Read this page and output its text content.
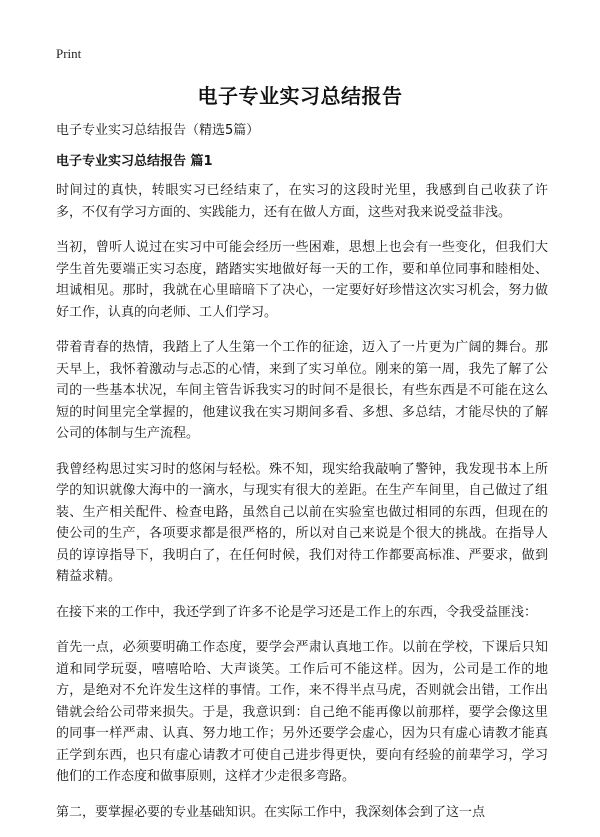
Print
电子专业实习总结报告

电子专业实习总结报告（精选5篇）

电子专业实习总结报告 篇1

时间过的真快，转眼实习已经结束了，在实习的这段时光里，我感到自己收获了许多，不仅有学习方面的、实践能力，还有在做人方面，这些对我来说受益非浅。

当初，曾听人说过在实习中可能会经历一些困难，思想上也会有一些变化，但我们大学生首先要端正实习态度，踏踏实实地做好每一天的工作，要和单位同事和睦相处、坦诚相见。那时，我就在心里暗暗下了决心，一定要好好珍惜这次实习机会，努力做好工作，认真的向老师、工人们学习。

带着青春的热情，我踏上了人生第一个工作的征途，迈入了一片更为广阔的舞台。那天早上，我怀着激动与忐忑的心情，来到了实习单位。刚来的第一周，我先了解了公司的一些基本状况，车间主管告诉我实习的时间不是很长，有些东西是不可能在这么短的时间里完全掌握的，他建议我在实习期间多看、多想、多总结，才能尽快的了解公司的体制与生产流程。

我曾经构思过实习时的悠闲与轻松。殊不知，现实给我敲响了警钟，我发现书本上所学的知识就像大海中的一滴水，与现实有很大的差距。在生产车间里，自己做过了组装、生产相关配件、检查电路，虽然自己以前在实验室也做过相同的东西，但现在的使公司的生产，各项要求都是很严格的，所以对自己来说是个很大的挑战。在指导人员的谆谆指导下，我明白了，在任何时候，我们对待工作都要高标准、严要求，做到精益求精。

在接下来的工作中，我还学到了许多不论是学习还是工作上的东西，令我受益匪浅：

首先一点，必须要明确工作态度，要学会严肃认真地工作。以前在学校，下课后只知道和同学玩耍，嘻嘻哈哈、大声谈笑。工作后可不能这样。因为，公司是工作的地方，是绝对不允许发生这样的事情。工作，来不得半点马虎，否则就会出错，工作出错就会给公司带来损失。于是，我意识到：自己绝不能再像以前那样，要学会像这里的同事一样严肃、认真、努力地工作；另外还要学会虚心，因为只有虚心请教才能真正学到东西，也只有虚心请教才可使自己进步得更快，要向有经验的前辈学习，学习他们的工作态度和做事原则，这样才少走很多弯路。

第二，要掌握必要的专业基础知识。在实际工作中，我深刻体会到了这一点
